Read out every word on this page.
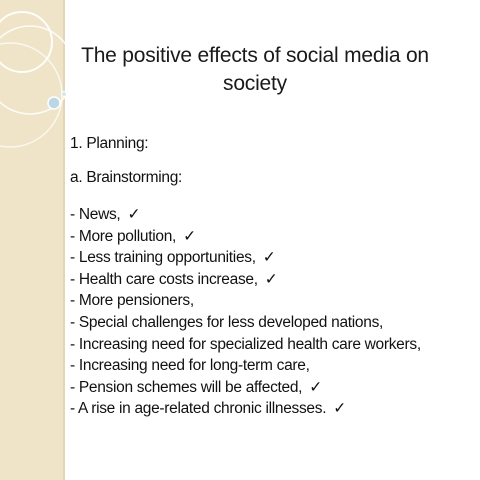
The positive effects of social media on society
1. Planning:
a. Brainstorming:
- News, ✓
- More pollution, ✓
- Less training opportunities, ✓
- Health care costs increase, ✓
- More pensioners,
- Special challenges for less developed nations,
- Increasing need for specialized health care workers,
- Increasing need for long-term care,
- Pension schemes will be affected, ✓
- A rise in age-related chronic illnesses. ✓
